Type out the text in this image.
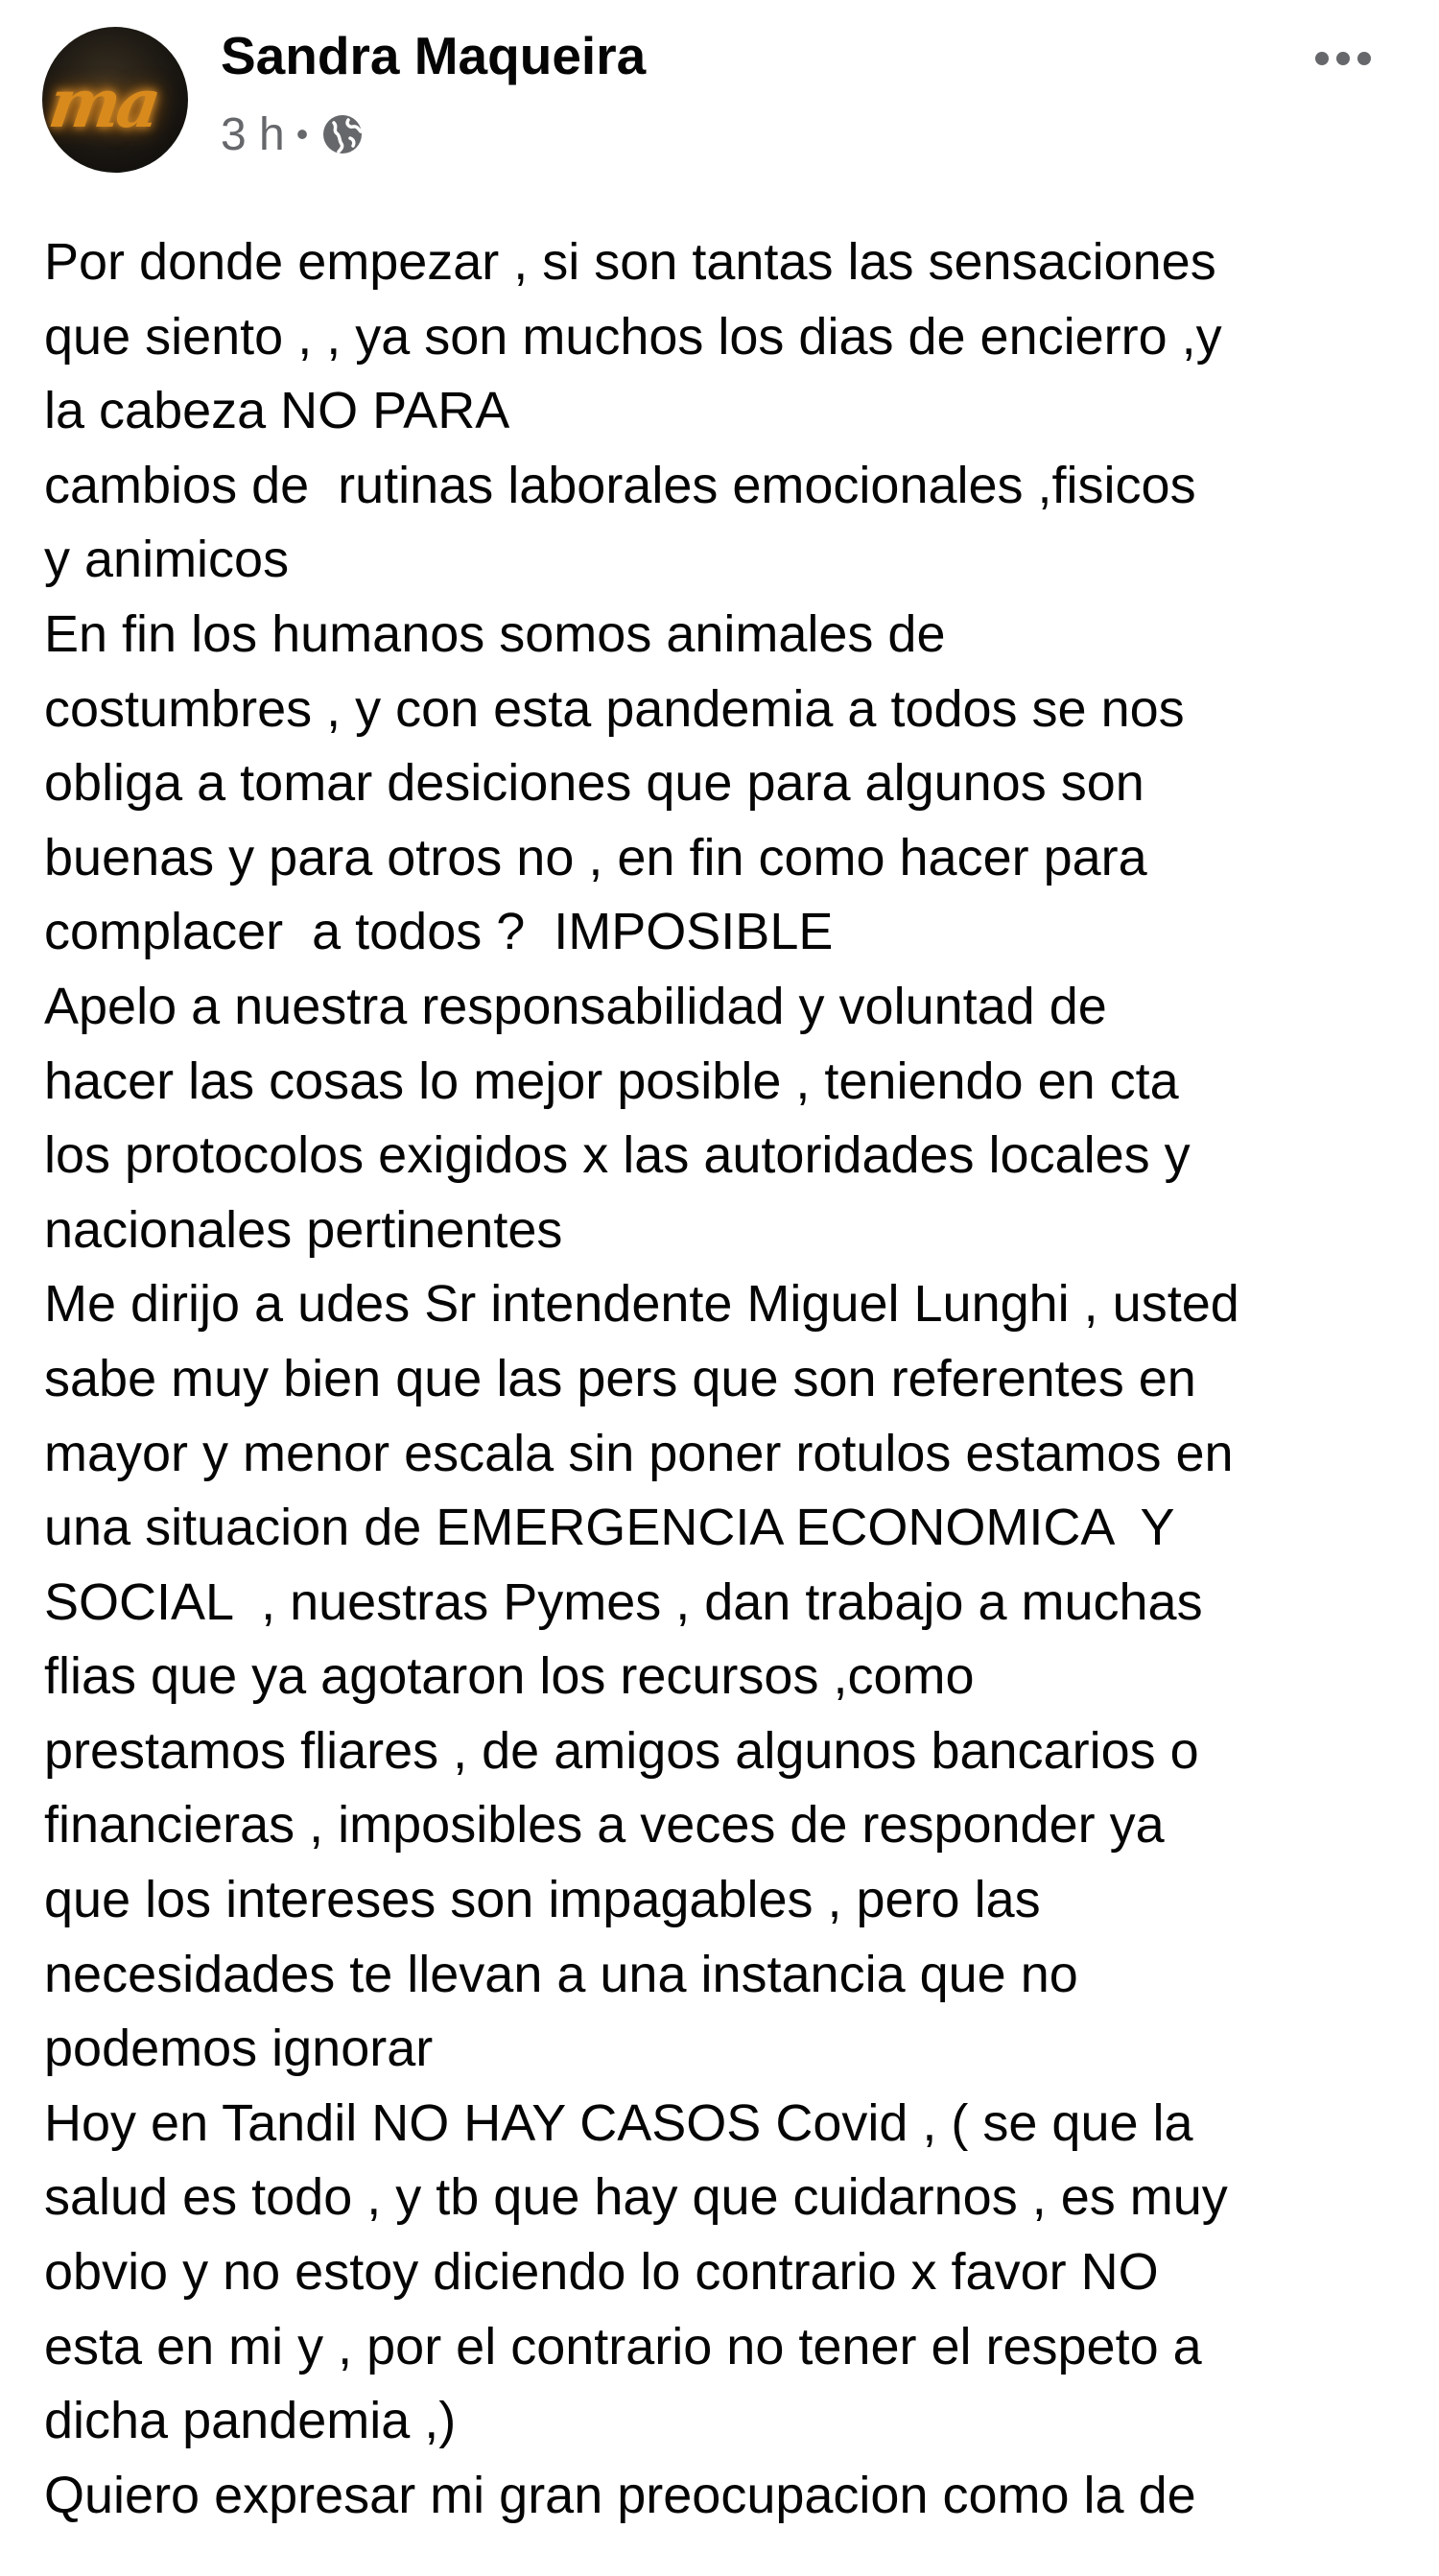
ma
Sandra Maqueira
3 h •
Por donde empezar , si son tantas las sensaciones
que siento , , ya son muchos los dias de encierro ,y
la cabeza NO PARA
cambios de  rutinas laborales emocionales ,fisicos
y animicos
En fin los humanos somos animales de
costumbres , y con esta pandemia a todos se nos
obliga a tomar desiciones que para algunos son
buenas y para otros no , en fin como hacer para
complacer  a todos ?  IMPOSIBLE
Apelo a nuestra responsabilidad y voluntad de
hacer las cosas lo mejor posible , teniendo en cta
los protocolos exigidos x las autoridades locales y
nacionales pertinentes
Me dirijo a udes Sr intendente Miguel Lunghi , usted
sabe muy bien que las pers que son referentes en
mayor y menor escala sin poner rotulos estamos en
una situacion de EMERGENCIA ECONOMICA  Y
SOCIAL  , nuestras Pymes , dan trabajo a muchas
flias que ya agotaron los recursos ,como
prestamos fliares , de amigos algunos bancarios o
financieras , imposibles a veces de responder ya
que los intereses son impagables , pero las
necesidades te llevan a una instancia que no
podemos ignorar
Hoy en Tandil NO HAY CASOS Covid , ( se que la
salud es todo , y tb que hay que cuidarnos , es muy
obvio y no estoy diciendo lo contrario x favor NO
esta en mi y , por el contrario no tener el respeto a
dicha pandemia ,)
Quiero expresar mi gran preocupacion como la de
